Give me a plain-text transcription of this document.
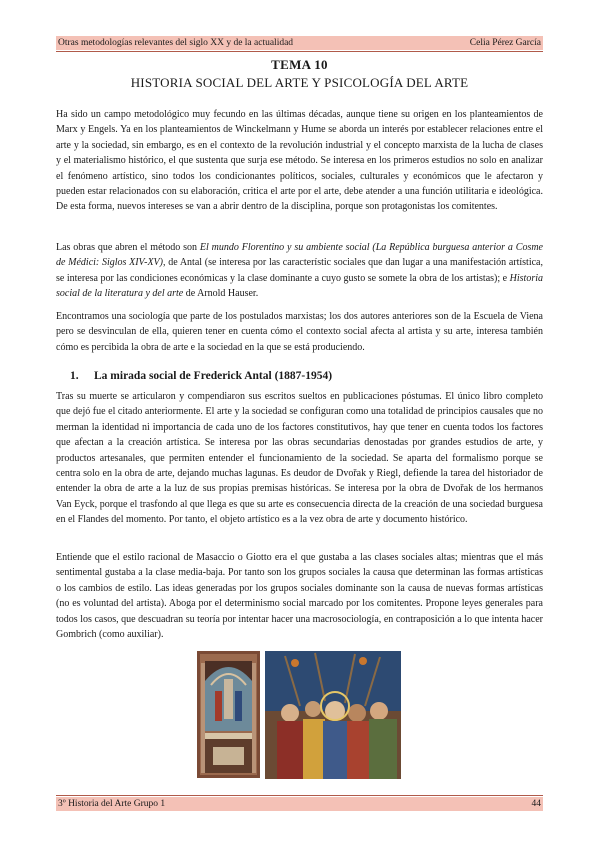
Otras metodologías relevantes del siglo XX y de la actualidad	Celia Pérez García
TEMA 10
HISTORIA SOCIAL DEL ARTE Y PSICOLOGÍA DEL ARTE

Ha sido un campo metodológico muy fecundo en las últimas décadas, aunque tiene su origen en los planteamientos de Marx y Engels. Ya en los planteamientos de Winckelmann y Hume se aborda un interés por establecer relaciones entre el arte y la sociedad, sin embargo, es en el contexto de la revolución industrial y el concepto marxista de la lucha de clases y el materialismo histórico, el que sustenta que surja ese método. Se interesa en los primeros estudios no solo en analizar el fenómeno artístico, sino todos los condicionantes políticos, sociales, culturales y económicos que le afectaron y pueden estar relacionados con su elaboración, critica el arte por el arte, debe atender a una función utilitaria e ideológica. De esta forma, nuevos intereses se van a abrir dentro de la disciplina, porque son protagonistas los comitentes.

Las obras que abren el método son El mundo Florentino y su ambiente social (La República burguesa anterior a Cosme de Médici: Siglos XIV-XV), de Antal (se interesa por las característic sociales que dan lugar a una manifestación artística, se interesa por las condiciones económicas y la clase dominante a cuyo gusto se somete la obra de los artistas); e Historia social de la literatura y del arte de Arnold Hauser.

Encontramos una sociología que parte de los postulados marxistas; los dos autores anteriores son de la Escuela de Viena pero se desvinculan de ella, quieren tener en cuenta cómo el contexto social afecta al artista y su arte, interesa también cómo es percibida la obra de arte e la sociedad en la que se está produciendo.

1. La mirada social de Frederick Antal (1887-1954)

Tras su muerte se articularon y compendiaron sus escritos sueltos en publicaciones póstumas. El único libro completo que dejó fue el citado anteriormente. El arte y la sociedad se configuran como una totalidad de principios causales que no merman la identidad ni importancia de cada uno de los factores constitutivos, hay que tener en cuenta todos los factores que afectan a la creación artística. Se interesa por las obras secundarias denostadas por grandes estudios de arte, y productos artesanales, que permiten entender el funcionamiento de la sociedad. Se aparta del formalismo porque se centra solo en la obra de arte, dejando muchas lagunas. Es deudor de Dvořak y Riegl, defiende la tarea del historiador de entender la obra de arte a la luz de sus propias premisas históricas. Se interesa por la obra de Dvořak de los hermanos Van Eyck, porque el trasfondo al que llega es que su arte es consecuencia directa de la creación de una sociedad burguesa en el Flandes del momento. Por tanto, el objeto artístico es a la vez obra de arte y documento histórico.

Entiende que el estilo racional de Masaccio o Giotto era el que gustaba a las clases sociales altas; mientras que el más sentimental gustaba a la clase media-baja. Por tanto son los grupos sociales la causa que determinan las formas artísticas o los cambios de estilo. Las ideas generadas por los grupos sociales dominante son la causa de nuevas formas artísticas (no es voluntad del artista). Aboga por el determinismo social marcado por los comitentes. Propone leyes generales para todos los casos, que descuadran su teoría por intentar hacer una macrosociología, en contraposición a lo que intenta hacer Gombrich (como auxiliar).

3º Historia del Arte Grupo 1	44
